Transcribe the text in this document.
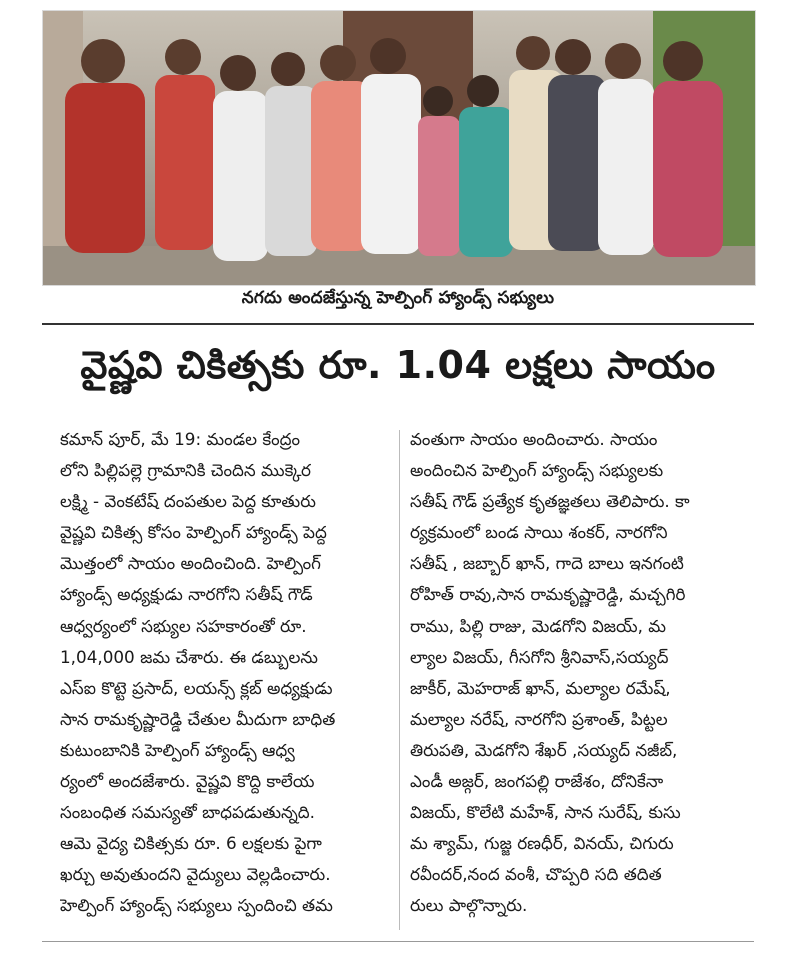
నగదు అందజేస్తున్న హెల్పింగ్ హ్యాండ్స్ సభ్యులు
వైష్ణవి చికిత్సకు రూ. 1.04 లక్షలు సాయం
కమాన్ పూర్, మే 19: మండల కేంద్రం
లోని పిల్లిపల్లె గ్రామానికి చెందిన ముక్కెర
లక్ష్మి - వెంకటేష్ దంపతుల పెద్ద కూతురు
వైష్ణవి చికిత్స కోసం హెల్పింగ్ హ్యాండ్స్ పెద్ద
మొత్తంలో సాయం అందించింది. హెల్పింగ్
హ్యాండ్స్ అధ్యక్షుడు నారగోని సతీష్ గౌడ్
ఆధ్వర్యంలో సభ్యుల సహకారంతో రూ.
1,04,000 జమ చేశారు. ఈ డబ్బులను
ఎస్ఐ కొట్టె ప్రసాద్, లయన్స్ క్లబ్ అధ్యక్షుడు
సాన రామకృష్ణారెడ్డి చేతుల మీదుగా బాధిత
కుటుంబానికి హెల్పింగ్ హ్యాండ్స్ ఆధ్వ
ర్యంలో అందజేశారు. వైష్ణవి కొద్ది కాలేయ
సంబంధిత సమస్యతో బాధపడుతున్నది.
ఆమె వైద్య చికిత్సకు రూ. 6 లక్షలకు పైగా
ఖర్చు అవుతుందని వైద్యులు వెల్లడించారు.
హెల్పింగ్ హ్యాండ్స్ సభ్యులు స్పందించి తమ
వంతుగా సాయం అందించారు. సాయం
అందించిన హెల్పింగ్ హ్యాండ్స్ సభ్యులకు
సతీష్ గౌడ్ ప్రత్యేక కృతజ్ఞతలు తెలిపారు. కా
ర్యక్రమంలో బండ సాయి శంకర్, నారగోని
సతీష్ , జబ్బార్ ఖాన్, గాదె బాలు ఇనగంటి
రోహిత్ రావు,సాన రామకృష్ణారెడ్డి, మచ్చగిరి
రాము, పిల్లి రాజు, మెడగోని విజయ్, మ
ల్యాల విజయ్, గీసగోని శ్రీనివాస్,సయ్యద్
జాకీర్, మెహరాజ్ ఖాన్, మల్యాల రమేష్,
మల్యాల నరేష్, నారగోని ప్రశాంత్, పిట్టల
తిరుపతి, మెడగోని శేఖర్ ,సయ్యద్ నజీబ్,
ఎండీ అజ్గర్, జంగపల్లి రాజేశం, దోనికేనా
విజయ్, కొలేటి మహేశ్, సాన సురేష్, కుసు
మ శ్యామ్, గుజ్జ రణధీర్, వినయ్, చిగురు
రవీందర్,నంద వంశీ, చొప్పరి సది తదిత
రులు పాల్గొన్నారు.
